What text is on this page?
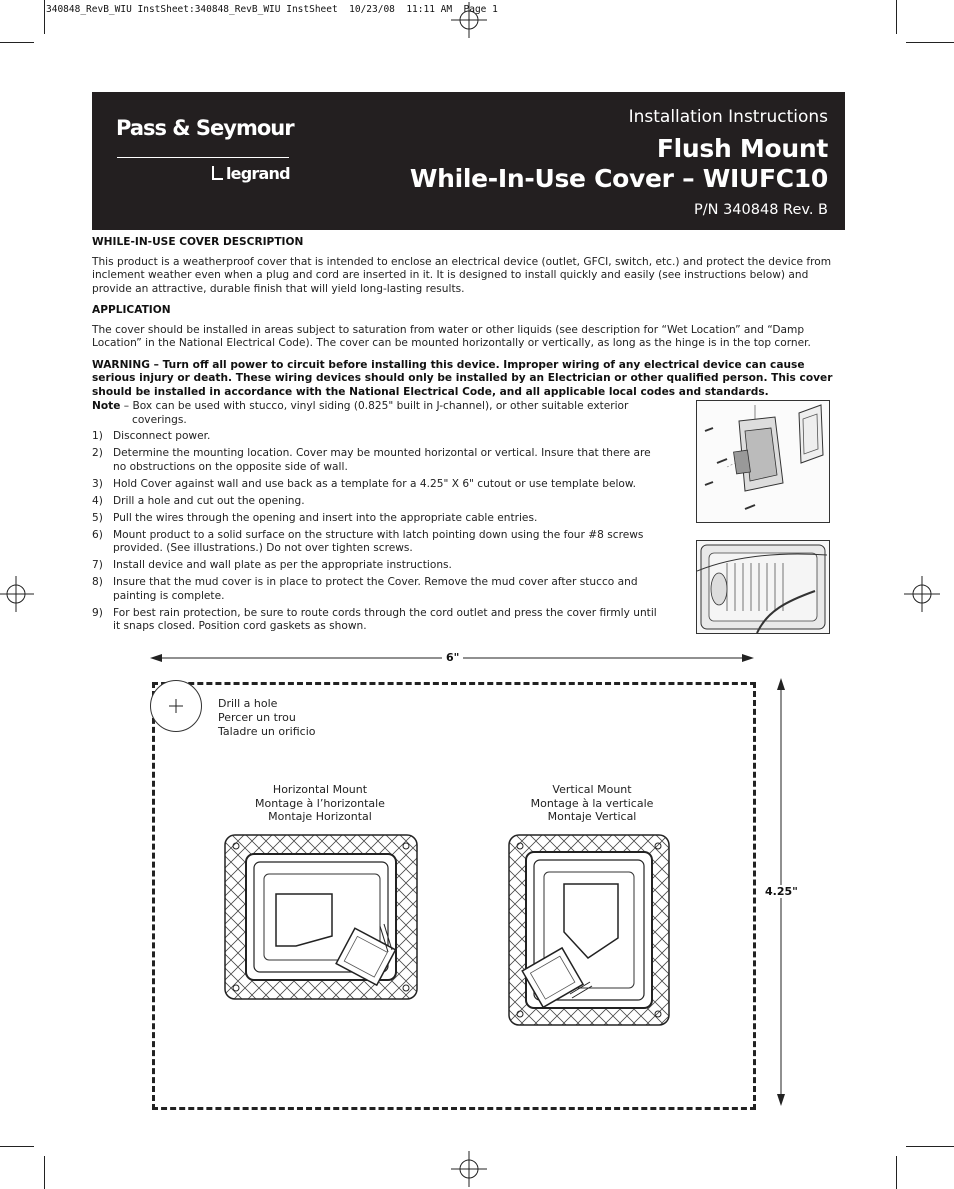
340848_RevB_WIU InstSheet:340848_RevB_WIU InstSheet  10/23/08  11:11 AM  Page 1
Pass & Seymour
legrand
Installation Instructions
Flush Mount
While-In-Use Cover – WIUFC10
P/N 340848 Rev. B
WHILE-IN-USE COVER DESCRIPTION

This product is a weatherproof cover that is intended to enclose an electrical device (outlet, GFCI, switch, etc.) and protect the device from inclement weather even when a plug and cord are inserted in it. It is designed to install quickly and easily (see instructions below) and provide an attractive, durable finish that will yield long-lasting results.

APPLICATION

The cover should be installed in areas subject to saturation from water or other liquids (see description for “Wet Location” and “Damp Location” in the National Electrical Code). The cover can be mounted horizontally or vertically, as long as the hinge is in the top corner.

WARNING – Turn off all power to circuit before installing this device. Improper wiring of any electrical device can cause serious injury or death. These wiring devices should only be installed by an Electrician or other qualified person. This cover should be installed in accordance with the National Electrical Code, and all applicable local codes and standards.

Note – Box can be used with stucco, vinyl siding (0.825" built in J-channel), or other suitable exterior coverings.
1) Disconnect power.
2) Determine the mounting location. Cover may be mounted horizontal or vertical. Insure that there are no obstructions on the opposite side of wall.
3) Hold Cover against wall and use back as a template for a 4.25" X 6" cutout or use template below.
4) Drill a hole and cut out the opening.
5) Pull the wires through the opening and insert into the appropriate cable entries.
6) Mount product to a solid surface on the structure with latch pointing down using the four #8 screws provided. (See illustrations.) Do not over tighten screws.
7) Install device and wall plate as per the appropriate instructions.
8) Insure that the mud cover is in place to protect the Cover. Remove the mud cover after stucco and painting is complete.
9) For best rain protection, be sure to route cords through the cord outlet and press the cover firmly until it snaps closed. Position cord gaskets as shown.
6"
4.25"
Drill a hole
Percer un trou
Taladre un orificio
Horizontal Mount
Montage à l’horizontale
Montaje Horizontal
Vertical Mount
Montage à la verticale
Montaje Vertical
